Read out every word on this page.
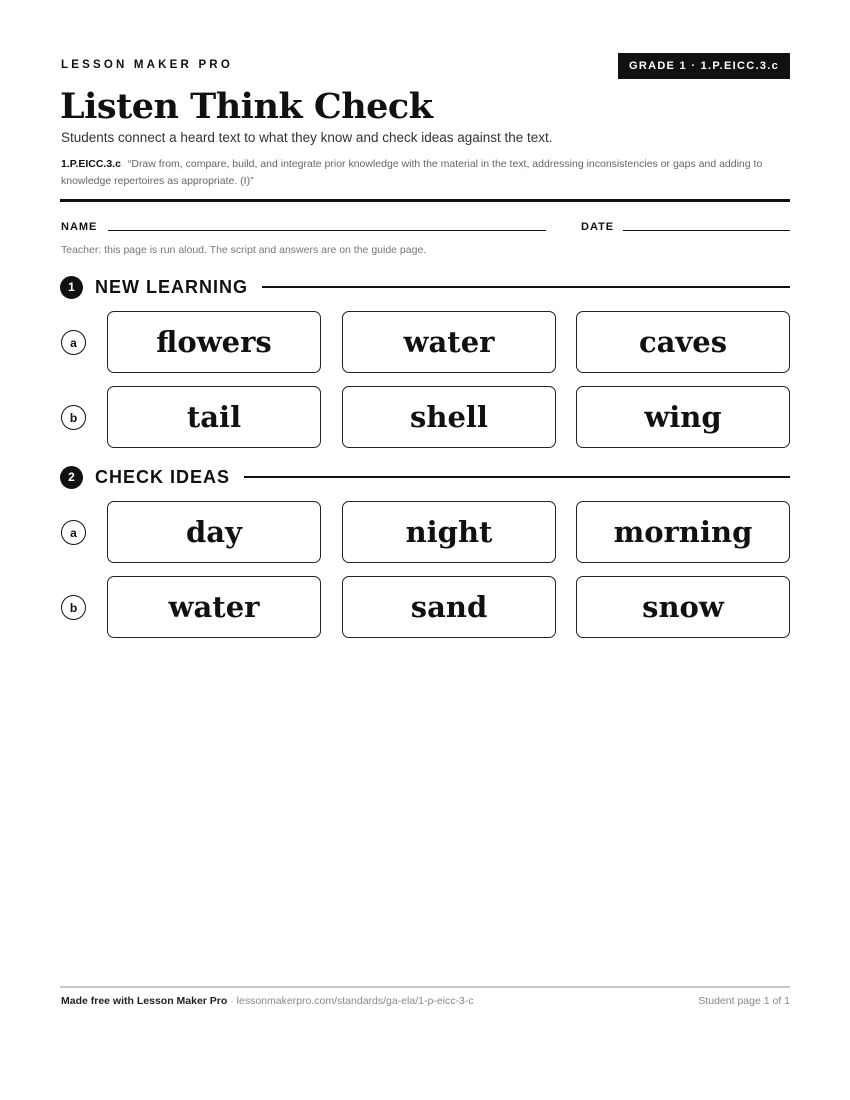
LESSON MAKER PRO	GRADE 1 · 1.P.EICC.3.c
Listen Think Check
Students connect a heard text to what they know and check ideas against the text.
1.P.EICC.3.c “Draw from, compare, build, and integrate prior knowledge with the material in the text, addressing inconsistencies or gaps and adding to knowledge repertoires as appropriate. (I)”
NAME	DATE
Teacher: this page is run aloud. The script and answers are on the guide page.
1	NEW LEARNING
a	flowers	water	caves
b	tail	shell	wing
2	CHECK IDEAS
a	day	night	morning
b	water	sand	snow
Made free with Lesson Maker Pro · lessonmakerpro.com/standards/ga-ela/1-p-eicc-3-c	Student page 1 of 1
